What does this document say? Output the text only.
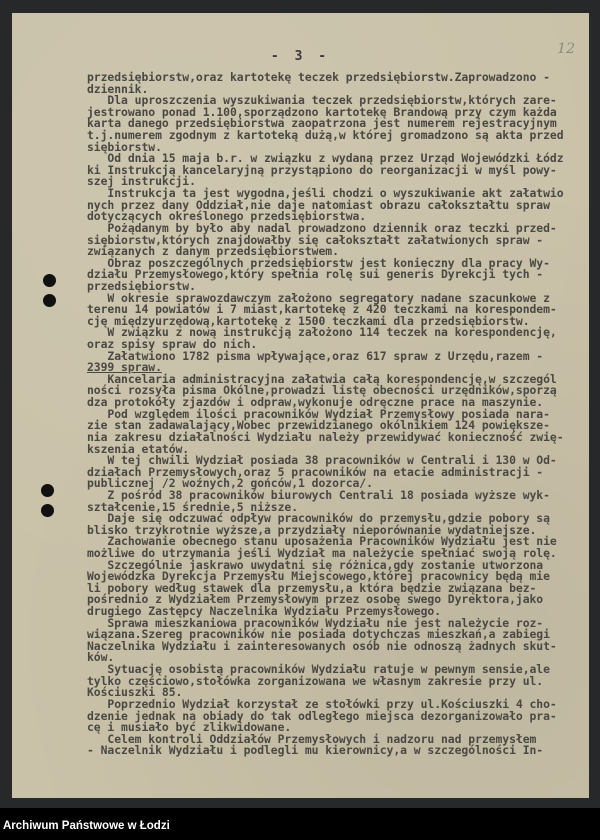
- 3 -	12
przedsiębiorstw,oraz kartotekę teczek przedsiębiorstw.Zaprowadzono -
dziennik.
Dla uproszczenia wyszukiwania teczek przedsiębiorstw,których zare-
jestrowano ponad 1.100,sporządzono kartotekę Brandową przy czym każda
karta danego przedsiębiorstwa zaopatrzona jest numerem rejestracyjnym
t.j.numerem zgodnym z kartoteką dużą,w której gromadzono są akta przed
siębiorstw.
Od dnia 15 maja b.r. w związku z wydaną przez Urząd Wojewódzki Łódz
ki Instrukcją kancelaryjną przystąpiono do reorganizacji w myśl powy-
szej instrukcji.
Instrukcja ta jest wygodna,jeśli chodzi o wyszukiwanie akt załatwio
nych przez dany Oddział,nie daje natomiast obrazu całokształtu spraw
dotyczących określonego przedsiębiorstwa.
Pożądanym by było aby nadal prowadzono dziennik oraz teczki przed-
siębiorstw,których znajdowałby się całokształt załatwionych spraw -
związanych z danym przedsiębiorstwem.
Obraz poszczególnych przedsiębiorstw jest konieczny dla pracy Wy-
działu Przemysłowego,który spełnia rolę sui generis Dyrekcji tych -
przedsiębiorstw.
W okresie sprawozdawczym założono segregatory nadane szacunkowe z
terenu 14 powiatów i 7 miast,kartotekę z 420 teczkami na korespondem-
cję międzyurzędową,kartotekę z 1500 teczkami dla przedsiębiorstw.
W związku z nową instrukcją założono 114 teczek na korespondencję,
oraz spisy spraw do nich.
Załatwiono 1782 pisma wpływające,oraz 617 spraw z Urzędu,razem -
2399 spraw.
Kancelaria administracyjna załatwia całą korespondencję,w szczegól
ności rozsyła pisma Okólne,prowadzi listę obecności urzędników,sporzą
dza protokóły zjazdów i odpraw,wykonuje odręczne prace na maszynie.
Pod względem ilości pracowników Wydział Przemysłowy posiada nara-
zie stan zadawalający,Wobec przewidzianego okólnikiem 124 powiększe-
nia zakresu działalności Wydziału należy przewidywać konieczność zwię-
kszenia etatów.
W tej chwili Wydział posiada 38 pracowników w Centrali i 130 w Od-
działach Przemysłowych,oraz 5 pracowników na etacie administracji -
publicznej /2 woźnych,2 gońców,1 dozorca/.
Z pośród 38 pracowników biurowych Centrali 18 posiada wyższe wyk-
ształcenie,15 średnie,5 niższe.
Daje się odczuwać odpływ pracowników do przemysłu,gdzie pobory są
blisko trzykrotnie wyższe,a przydziały nieporównanie wydatniejsze.
Zachowanie obecnego stanu uposażenia Pracowników Wydziału jest nie
możliwe do utrzymania jeśli Wydział ma należycie spełniać swoją rolę.
Szczególnie jaskrawo uwydatni się różnica,gdy zostanie utworzona
Wojewódzka Dyrekcja Przemysłu Miejscowego,której pracownicy będą mie
li pobory według stawek dla przemysłu,a która będzie związana bez-
pośrednio z Wydziałem Przemysłowym przez osobę swego Dyrektora,jako
drugiego Zastępcy Naczelnika Wydziału Przemysłowego.
Sprawa mieszkaniowa pracowników Wydziału nie jest należycie roz-
wiązana.Szereg pracowników nie posiada dotychczas mieszkań,a zabiegi
Naczelnika Wydziału i zainteresowanych osób nie odnoszą żadnych skut-
ków.
Sytuację osobistą pracowników Wydziału ratuje w pewnym sensie,ale
tylko częściowo,stołówka zorganizowana we własnym zakresie przy ul.
Kościuszki 85.
Poprzednio Wydział korzystał ze stołówki przy ul.Kościuszki 4 cho-
dzenie jednak na obiady do tak odległego miejsca dezorganizowało pra-
cę i musiało być zlikwidowane.
Celem kontroli Oddziałów Przemysłowych i nadzoru nad przemysłem
- Naczelnik Wydziału i podlegli mu kierownicy,a w szczególności In-
Archiwum Państwowe w Łodzi
